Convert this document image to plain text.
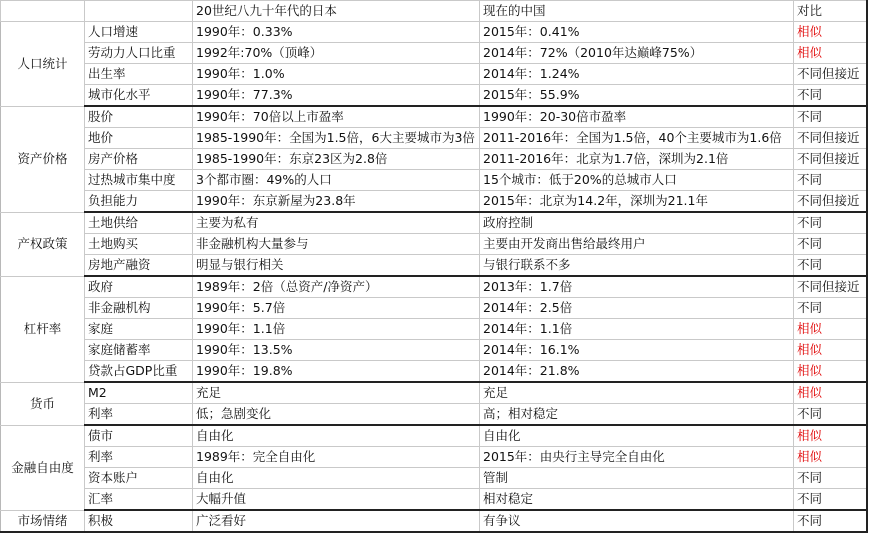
		20世纪八九十年代的日本	现在的中国	对比
人口统计	人口增速	1990年：0.33%	2015年：0.41%	相似
	劳动力人口比重	1992年:70%（顶峰）	2014年：72%（2010年达巅峰75%）	相似
	出生率	1990年：1.0%	2014年：1.24%	不同但接近
	城市化水平	1990年：77.3%	2015年：55.9%	不同
资产价格	股价	1990年：70倍以上市盈率	1990年：20-30倍市盈率	不同
	地价	1985-1990年：全国为1.5倍，6大主要城市为3倍	2011-2016年：全国为1.5倍，40个主要城市为1.6倍	不同但接近
	房产价格	1985-1990年：东京23区为2.8倍	2011-2016年：北京为1.7倍，深圳为2.1倍	不同但接近
	过热城市集中度	3个都市圈：49%的人口	15个城市：低于20%的总城市人口	不同
	负担能力	1990年：东京新屋为23.8年	2015年：北京为14.2年，深圳为21.1年	不同但接近
产权政策	土地供给	主要为私有	政府控制	不同
	土地购买	非金融机构大量参与	主要由开发商出售给最终用户	不同
	房地产融资	明显与银行相关	与银行联系不多	不同
杠杆率	政府	1989年：2倍（总资产/净资产）	2013年：1.7倍	不同但接近
	非金融机构	1990年：5.7倍	2014年：2.5倍	不同
	家庭	1990年：1.1倍	2014年：1.1倍	相似
	家庭储蓄率	1990年：13.5%	2014年：16.1%	相似
	贷款占GDP比重	1990年：19.8%	2014年：21.8%	相似
货币	M2	充足	充足	相似
	利率	低；急剧变化	高；相对稳定	不同
金融自由度	债市	自由化	自由化	相似
	利率	1989年：完全自由化	2015年：由央行主导完全自由化	相似
	资本账户	自由化	管制	不同
	汇率	大幅升值	相对稳定	不同
市场情绪	积极	广泛看好	有争议	不同
